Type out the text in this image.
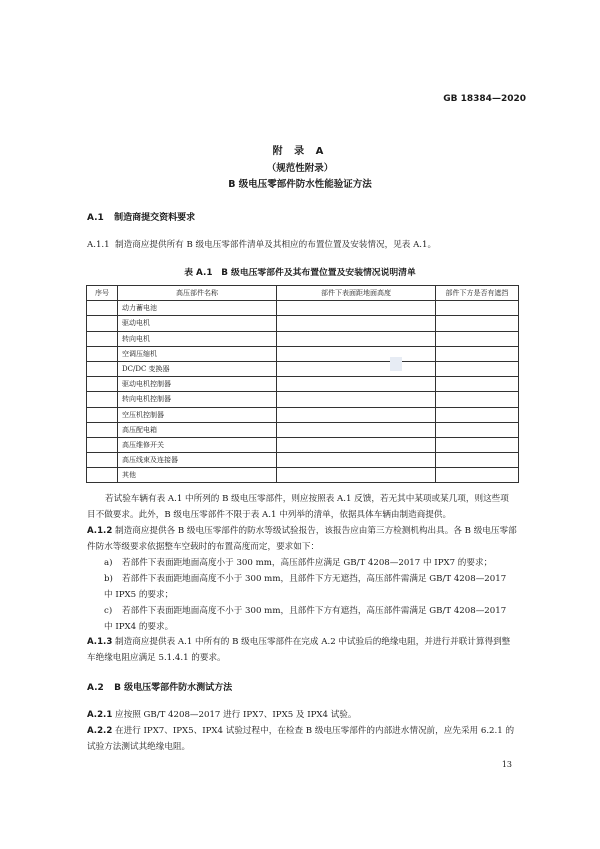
GB 18384—2020
附 录 A
（规范性附录）
B 级电压零部件防水性能验证方法
A.1 制造商提交资料要求
A.1.1 制造商应提供所有 B 级电压零部件清单及其相应的布置位置及安装情况，见表 A.1。
表 A.1　B 级电压零部件及其布置位置及安装情况说明清单
序号	高压部件名称	部件下表面距地面高度	部件下方是否有遮挡
	动力蓄电池		
	驱动电机		
	转向电机		
	空调压缩机		
	DC/DC 变换器		
	驱动电机控制器		
	转向电机控制器		
	空压机控制器		
	高压配电箱		
	高压维修开关		
	高压线束及连接器		
	其他		
若试验车辆有表 A.1 中所列的 B 级电压零部件，则应按照表 A.1 反馈，若无其中某项或某几项，则这些项目不做要求。此外，B 级电压零部件不限于表 A.1 中列举的清单，依据具体车辆由制造商提供。
A.1.2 制造商应提供各 B 级电压零部件的防水等级试验报告，该报告应由第三方检测机构出具。各 B 级电压零部件防水等级要求依据整车空载时的布置高度而定，要求如下：
a) 若部件下表面距地面高度小于 300 mm，高压部件应满足 GB/T 4208—2017 中 IPX7 的要求；
b) 若部件下表面距地面高度不小于 300 mm，且部件下方无遮挡，高压部件需满足 GB/T 4208—2017 中 IPX5 的要求；
c) 若部件下表面距地面高度不小于 300 mm，且部件下方有遮挡，高压部件需满足 GB/T 4208—2017 中 IPX4 的要求。
A.1.3 制造商应提供表 A.1 中所有的 B 级电压零部件在完成 A.2 中试验后的绝缘电阻，并进行并联计算得到整车绝缘电阻应满足 5.1.4.1 的要求。
A.2 B 级电压零部件防水测试方法
A.2.1 应按照 GB/T 4208—2017 进行 IPX7、IPX5 及 IPX4 试验。
A.2.2 在进行 IPX7、IPX5、IPX4 试验过程中，在检查 B 级电压零部件的内部进水情况前，应先采用 6.2.1 的试验方法测试其绝缘电阻。
13
